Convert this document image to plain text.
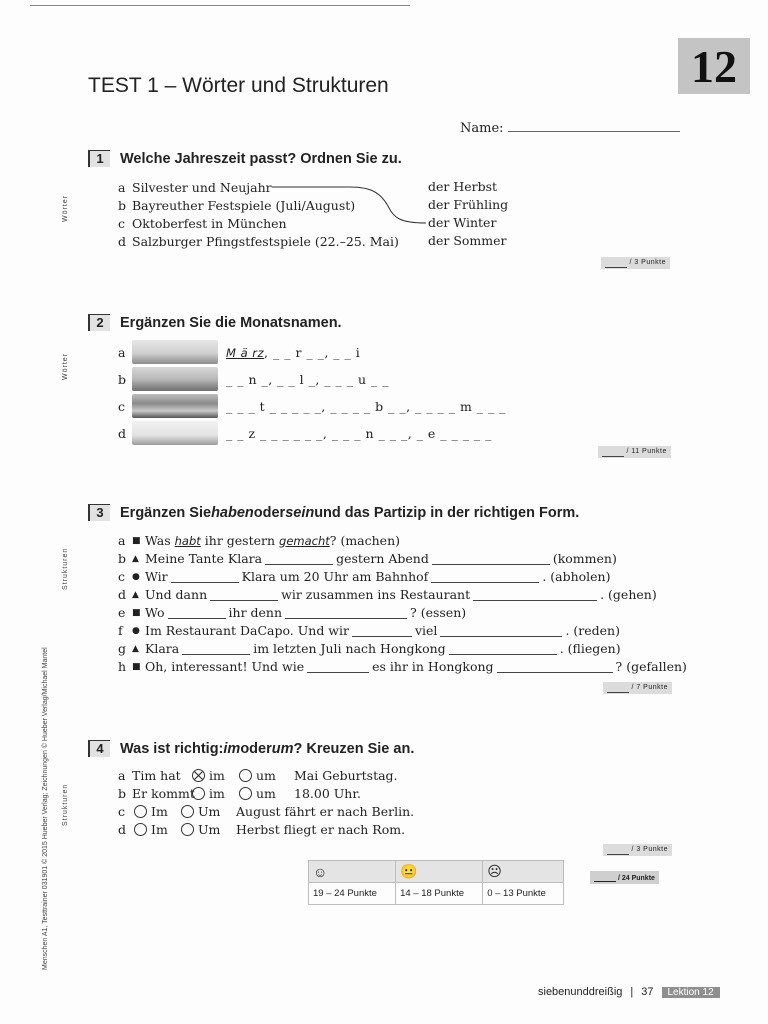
12
TEST 1 – Wörter und Strukturen
Name:
1	Welche Jahreszeit passt? Ordnen Sie zu.
Wörter
a Silvester und Neujahr
b Bayreuther Festspiele (Juli/August)
c Oktoberfest in München
d Salzburger Pfingstfestspiele (22.–25. Mai)
der Herbst
der Frühling
der Winter
der Sommer
/ 3 Punkte
2	Ergänzen Sie die Monatsnamen.
Wörter
a	M ä rz, _ _ r _ _, _ _ i
b	_ _ n _, _ _ l _, _ _ _ u _ _
c	_ _ _ t _ _ _ _ _, _ _ _ _ b _ _, _ _ _ _ m _ _ _
d	_ _ z _ _ _ _ _ _, _ _ _ n _ _ _, _ e _ _ _ _ _
/ 11 Punkte
3	Ergänzen Sie haben oder sein und das Partizip in der richtigen Form.
Strukturen
a ■ Was
habt
ihr gestern
gemacht ? (machen)
b ▲ Meine Tante Klara	gestern Abend	(kommen)
c ● Wir	Klara um 20 Uhr am Bahnhof	. (abholen)
d ▲ Und dann	wir zusammen ins Restaurant	. (gehen)
e ■ Wo	ihr denn	? (essen)
f	● Im Restaurant DaCapo. Und wir	viel	. (reden)
g ▲ Klara	im letzten Juli nach Hongkong	. (fliegen)
h ■ Oh, interessant! Und wie	es ihr in Hongkong	? (gefallen)
/ 7 Punkte
4	Was ist richtig: im oder um ? Kreuzen Sie an.
Strukturen
a Tim hat	im	um	Mai Geburtstag.
b Er kommt im	um	18.00 Uhr.
c	Im	Um	August fährt er nach Berlin.
d	Im	Um	Herbst fliegt er nach Rom.
/ 3 Punkte
☺	😐	☹
19 – 24 Punkte	14 – 18 Punkte	0 – 13 Punkte
/ 24 Punkte
Menschen A1, Testtrainer 031901 © 2015 Hueber Verlag; Zeichnungen © Hueber Verlag/Michael Mantel
siebenunddreißig | 37	Lektion 12
